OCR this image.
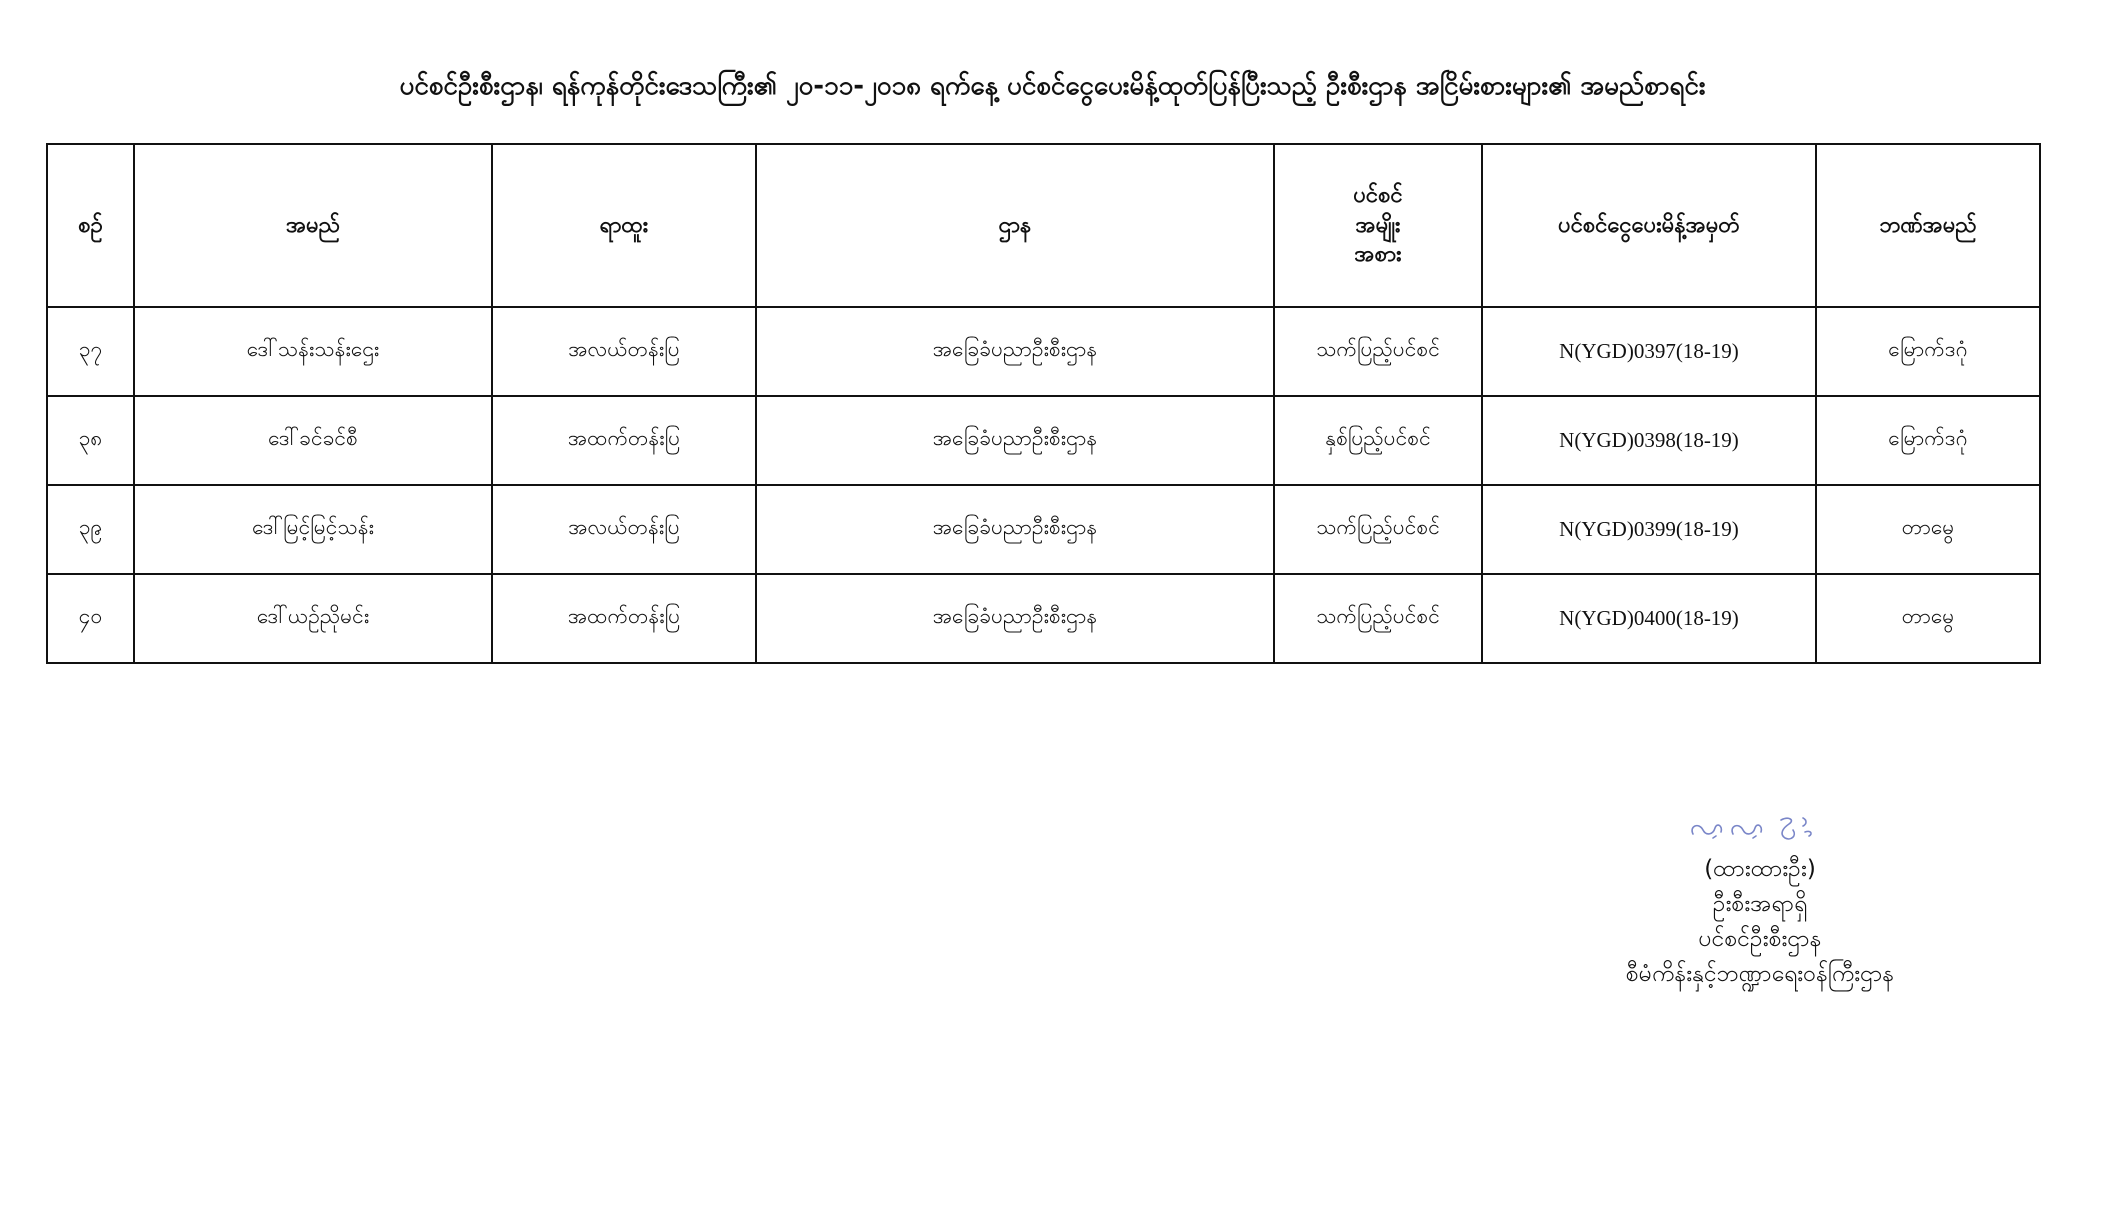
ပင်စင်ဦးစီးဌာန၊ ရန်ကုန်တိုင်းဒေသကြီး၏ ၂၀-၁၁-၂၀၁၈ ရက်နေ့ ပင်စင်ငွေပေးမိန့်ထုတ်ပြန်ပြီးသည့် ဦးစီးဌာန အငြိမ်းစားများ၏ အမည်စာရင်း
စဥ်	အမည်	ရာထူး	ဌာန	ပင်စင်
အမျိုး
အစား	ပင်စင်ငွေပေးမိန့်အမှတ်	ဘဏ်အမည်
၃၇	ဒေါ်သန်းသန်းဌေး	အလယ်တန်းပြ	အခြေခံပညာဦးစီးဌာန	သက်ပြည့်ပင်စင်	N(YGD)0397(18-19)	မြောက်ဒဂုံ
၃၈	ဒေါ်ခင်ခင်စီ	အထက်တန်းပြ	အခြေခံပညာဦးစီးဌာန	နှစ်ပြည့်ပင်စင်	N(YGD)0398(18-19)	မြောက်ဒဂုံ
၃၉	ဒေါ်မြင့်မြင့်သန်း	အလယ်တန်းပြ	အခြေခံပညာဦးစီးဌာန	သက်ပြည့်ပင်စင်	N(YGD)0399(18-19)	တာမွေ
၄၀	ဒေါ်ယဥ်ညိုမင်း	အထက်တန်းပြ	အခြေခံပညာဦးစီးဌာန	သက်ပြည့်ပင်စင်	N(YGD)0400(18-19)	တာမွေ
(ထားထားဦး)
ဦးစီးအရာရှိ
ပင်စင်ဦးစီးဌာန
စီမံကိန်းနှင့်ဘဏ္ဍာရေးဝန်ကြီးဌာန
